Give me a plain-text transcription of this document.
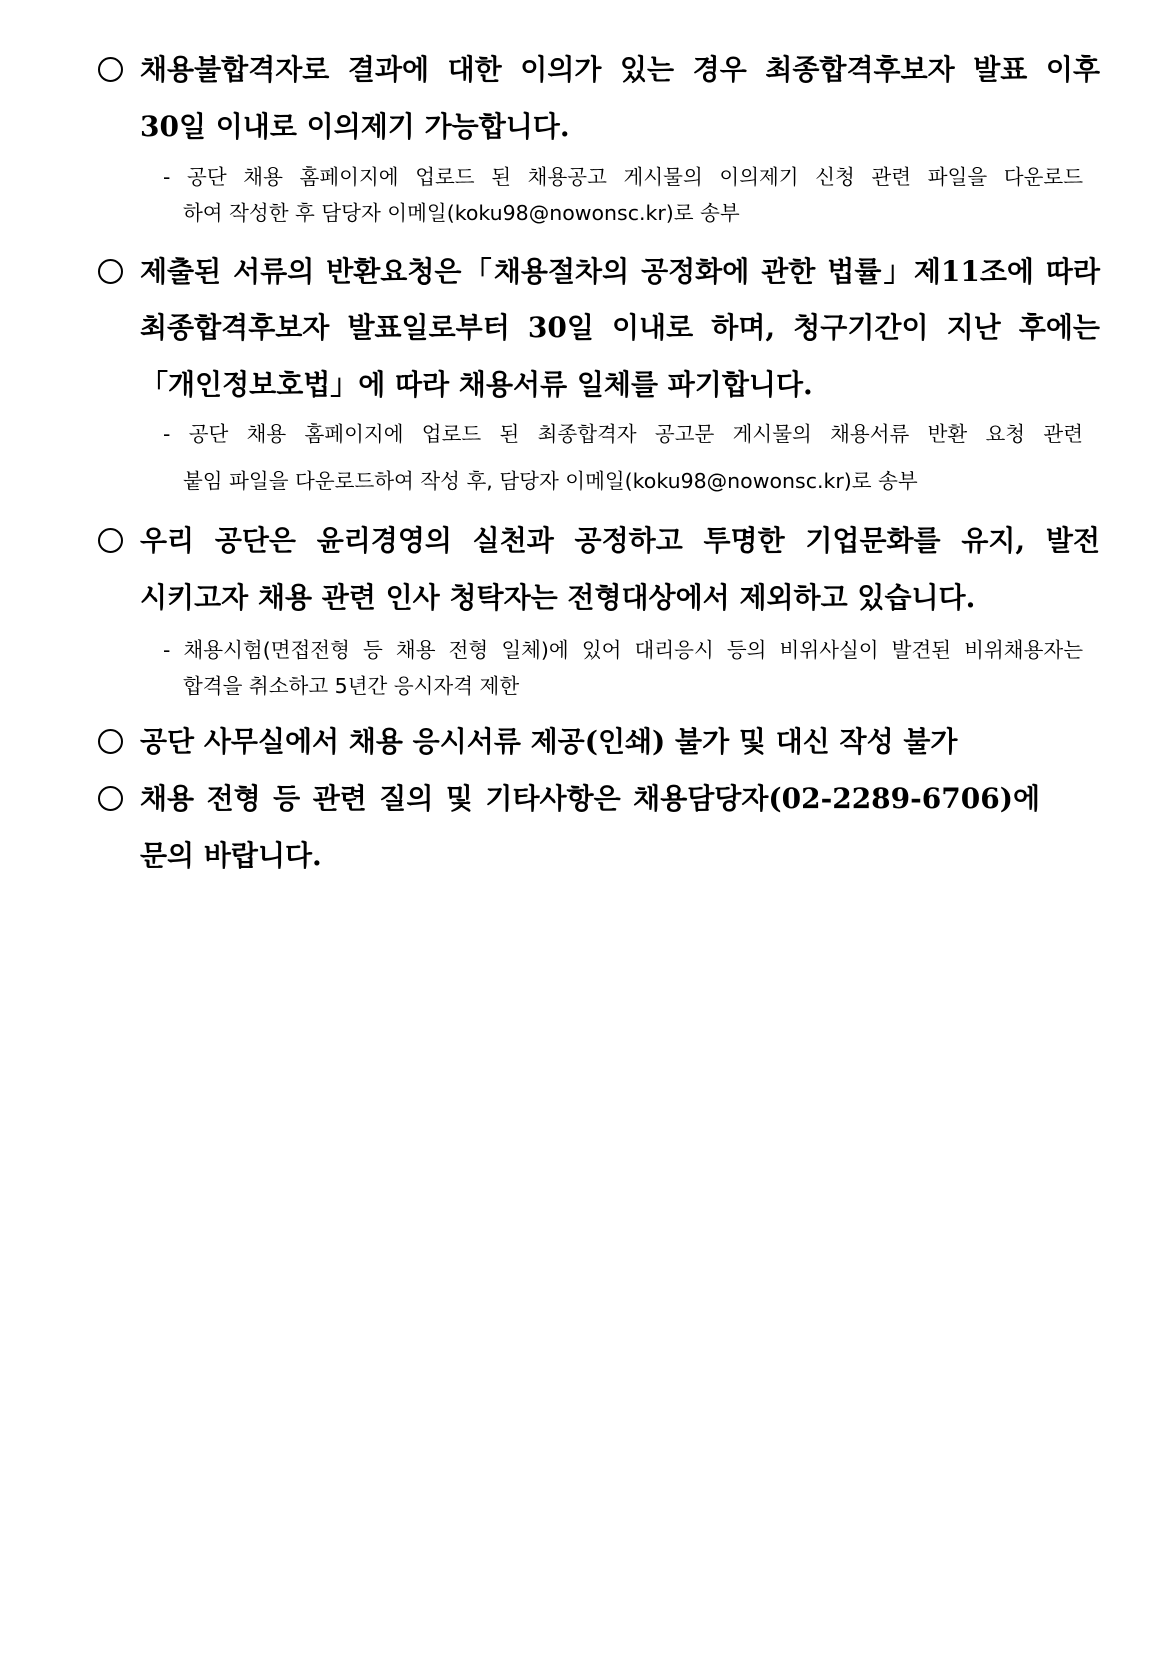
채용불합격자로 결과에 대한 이의가 있는 경우 최종합격후보자 발표 이후
30일 이내로 이의제기 가능합니다.
- 공단 채용 홈페이지에 업로드 된 채용공고 게시물의 이의제기 신청 관련 파일을 다운로드
하여 작성한 후 담당자 이메일(koku98@nowonsc.kr)로 송부
제출된 서류의 반환요청은「채용절차의 공정화에 관한 법률」제11조에 따라
최종합격후보자 발표일로부터 30일 이내로 하며, 청구기간이 지난 후에는
「개인정보호법」에 따라 채용서류 일체를 파기합니다.
- 공단 채용 홈페이지에 업로드 된 최종합격자 공고문 게시물의 채용서류 반환 요청 관련
붙임 파일을 다운로드하여 작성 후, 담당자 이메일(koku98@nowonsc.kr)로 송부
우리 공단은 윤리경영의 실천과 공정하고 투명한 기업문화를 유지, 발전
시키고자 채용 관련 인사 청탁자는 전형대상에서 제외하고 있습니다.
- 채용시험(면접전형 등 채용 전형 일체)에 있어 대리응시 등의 비위사실이 발견된 비위채용자는
합격을 취소하고 5년간 응시자격 제한
공단 사무실에서 채용 응시서류 제공(인쇄) 불가 및 대신 작성 불가
채용 전형 등 관련 질의 및 기타사항은 채용담당자(02-2289-6706)에
문의 바랍니다.
